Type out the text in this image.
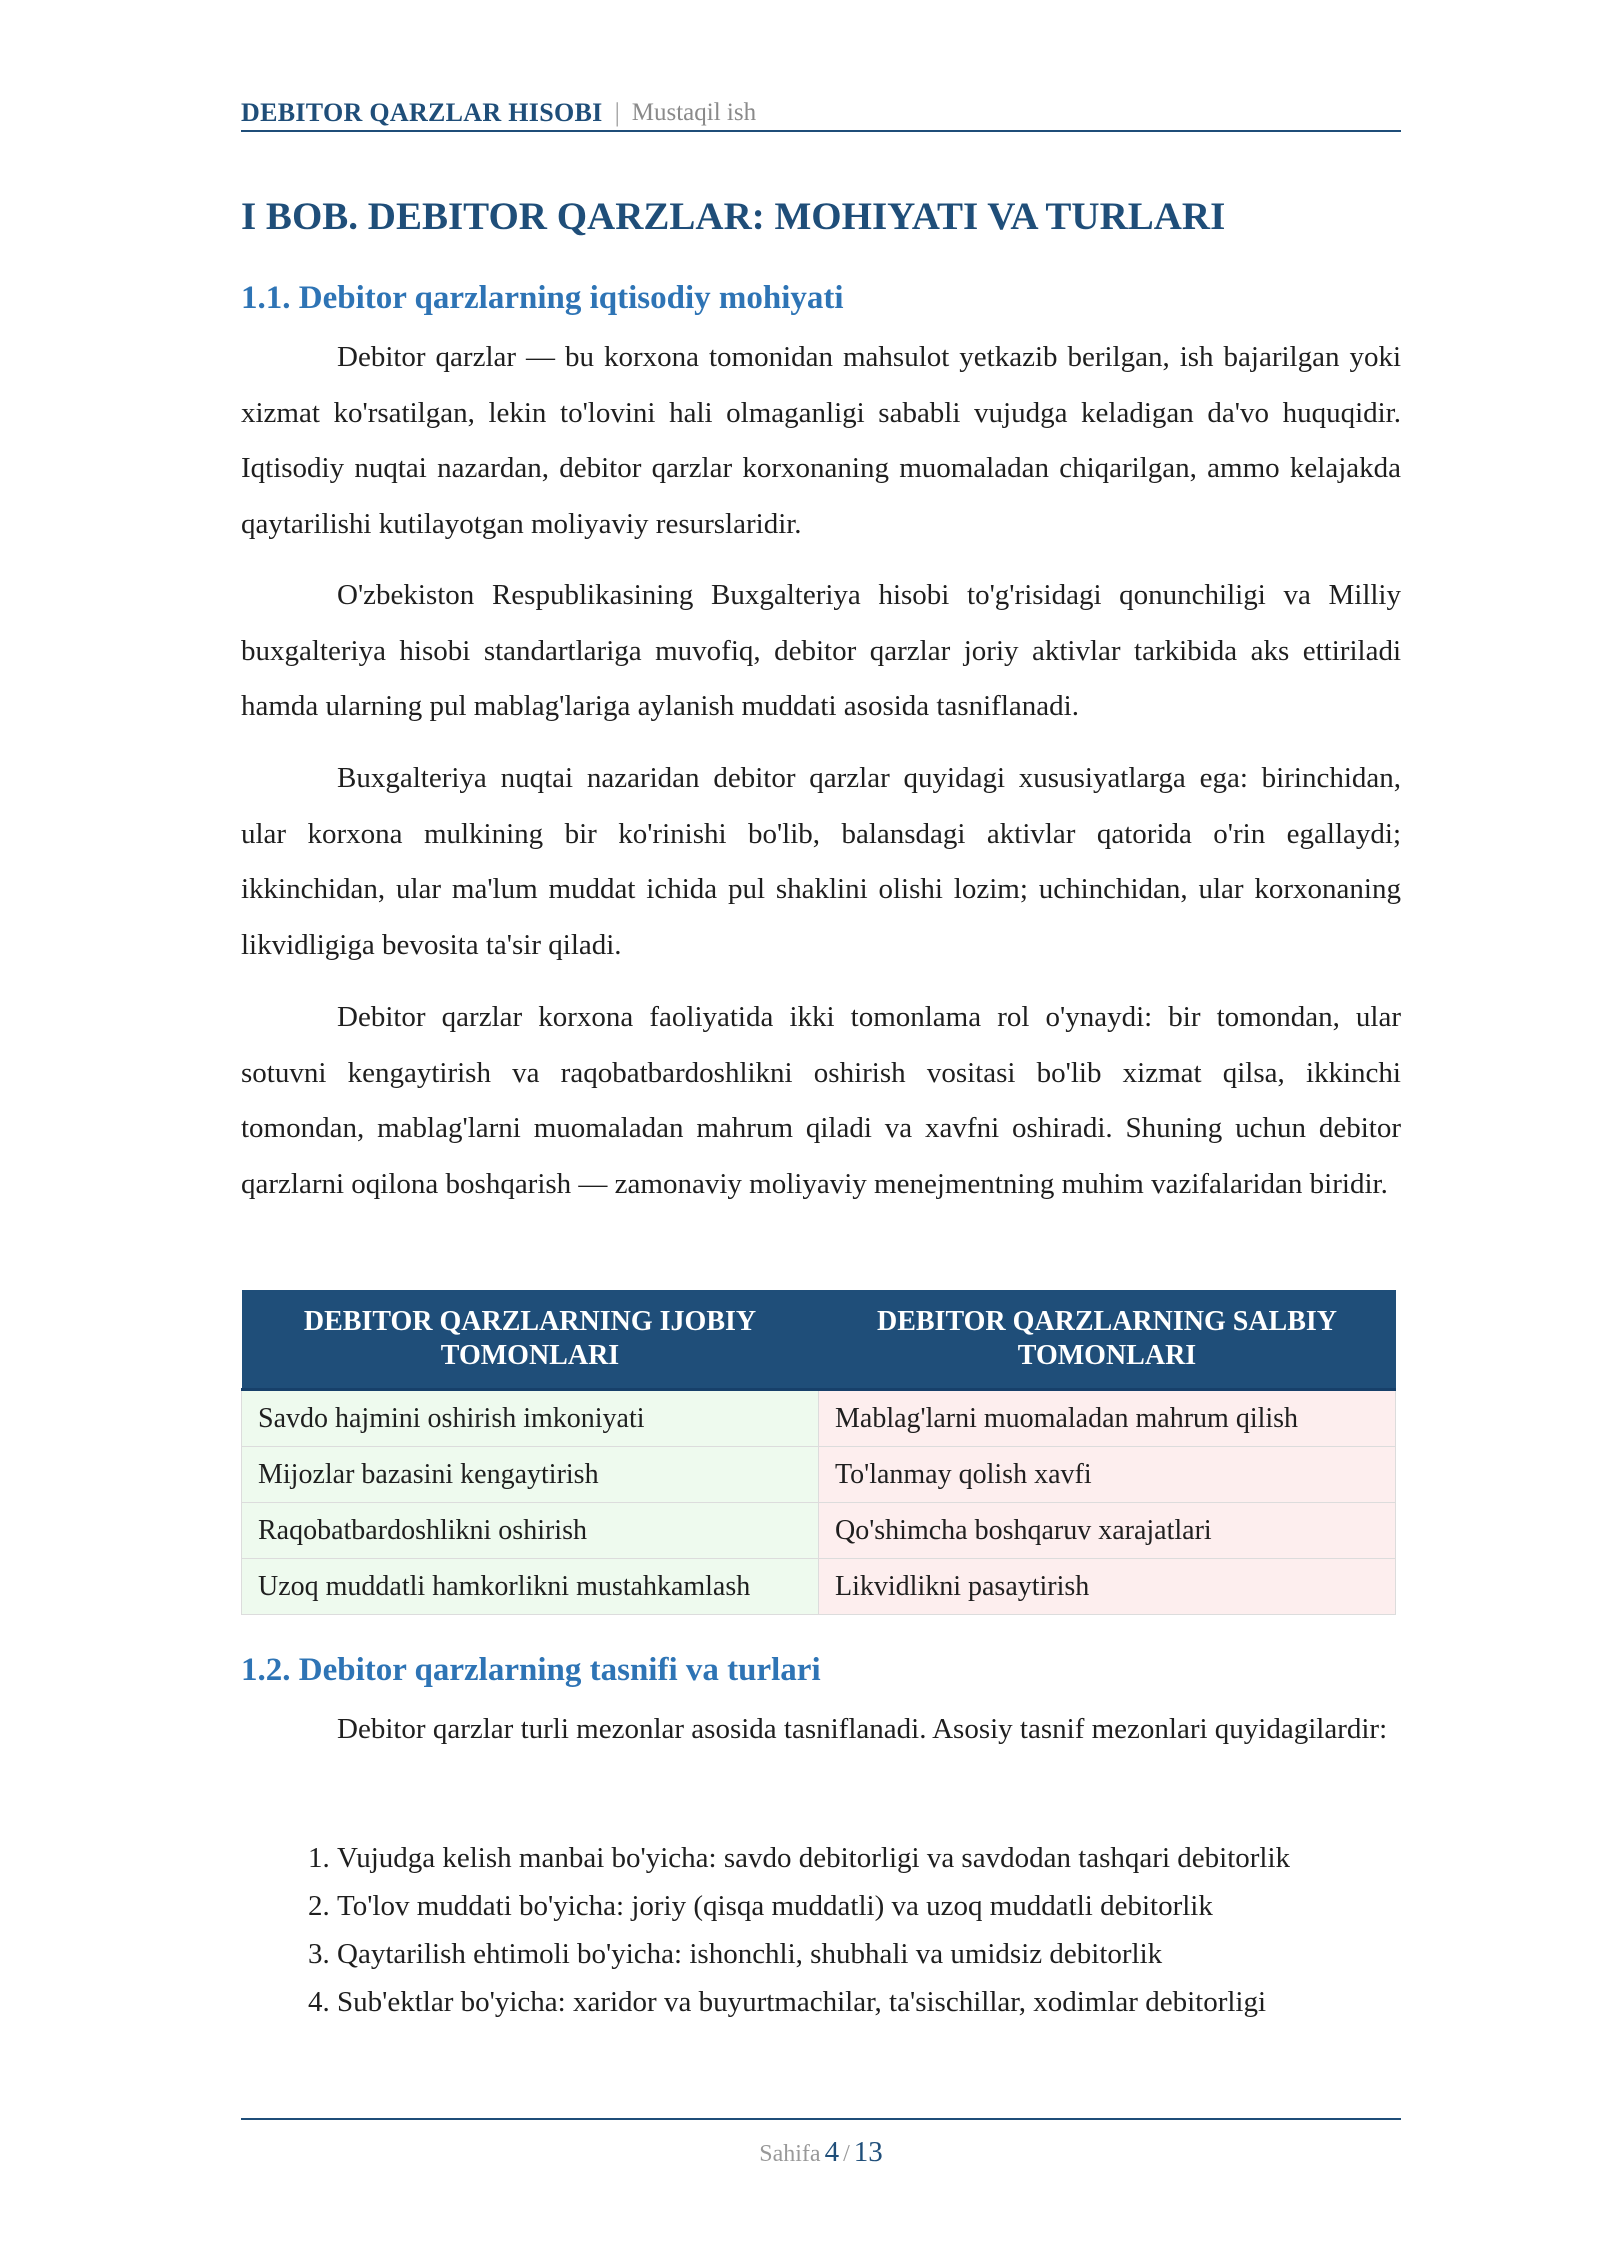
DEBITOR QARZLAR HISOBI | Mustaqil ish
I BOB. DEBITOR QARZLAR: MOHIYATI VA TURLARI
1.1. Debitor qarzlarning iqtisodiy mohiyati

Debitor qarzlar — bu korxona tomonidan mahsulot yetkazib berilgan, ish bajarilgan yoki xizmat ko'rsatilgan, lekin to'lovini hali olmaganligi sababli vujudga keladigan da'vo huquqidir. Iqtisodiy nuqtai nazardan, debitor qarzlar korxonaning muomaladan chiqarilgan, ammo kelajakda qaytarilishi kutilayotgan moliyaviy resurslaridir.

O'zbekiston Respublikasining Buxgalteriya hisobi to'g'risidagi qonunchiligi va Milliy buxgalteriya hisobi standartlariga muvofiq, debitor qarzlar joriy aktivlar tarkibida aks ettiriladi hamda ularning pul mablag'lariga aylanish muddati asosida tasniflanadi.

Buxgalteriya nuqtai nazaridan debitor qarzlar quyidagi xususiyatlarga ega: birinchidan, ular korxona mulkining bir ko'rinishi bo'lib, balansdagi aktivlar qatorida o'rin egallaydi; ikkinchidan, ular ma'lum muddat ichida pul shaklini olishi lozim; uchinchidan, ular korxonaning likvidligiga bevosita ta'sir qiladi.

Debitor qarzlar korxona faoliyatida ikki tomonlama rol o'ynaydi: bir tomondan, ular sotuvni kengaytirish va raqobatbardoshlikni oshirish vositasi bo'lib xizmat qilsa, ikkinchi tomondan, mablag'larni muomaladan mahrum qiladi va xavfni oshiradi. Shuning uchun debitor qarzlarni oqilona boshqarish — zamonaviy moliyaviy menejmentning muhim vazifalaridan biridir.

DEBITOR QARZLARNING IJOBIY TOMONLARI	DEBITOR QARZLARNING SALBIY TOMONLARI
Savdo hajmini oshirish imkoniyati	Mablag'larni muomaladan mahrum qilish
Mijozlar bazasini kengaytirish	To'lanmay qolish xavfi
Raqobatbardoshlikni oshirish	Qo'shimcha boshqaruv xarajatlari
Uzoq muddatli hamkorlikni mustahkamlash	Likvidlikni pasaytirish
1.2. Debitor qarzlarning tasnifi va turlari

Debitor qarzlar turli mezonlar asosida tasniflanadi. Asosiy tasnif mezonlari quyidagilardir:

1. Vujudga kelish manbai bo'yicha: savdo debitorligi va savdodan tashqari debitorlik
2. To'lov muddati bo'yicha: joriy (qisqa muddatli) va uzoq muddatli debitorlik
3. Qaytarilish ehtimoli bo'yicha: ishonchli, shubhali va umidsiz debitorlik
4. Sub'ektlar bo'yicha: xaridor va buyurtmachilar, ta'sischillar, xodimlar debitorligi
Sahifa 4 / 13
